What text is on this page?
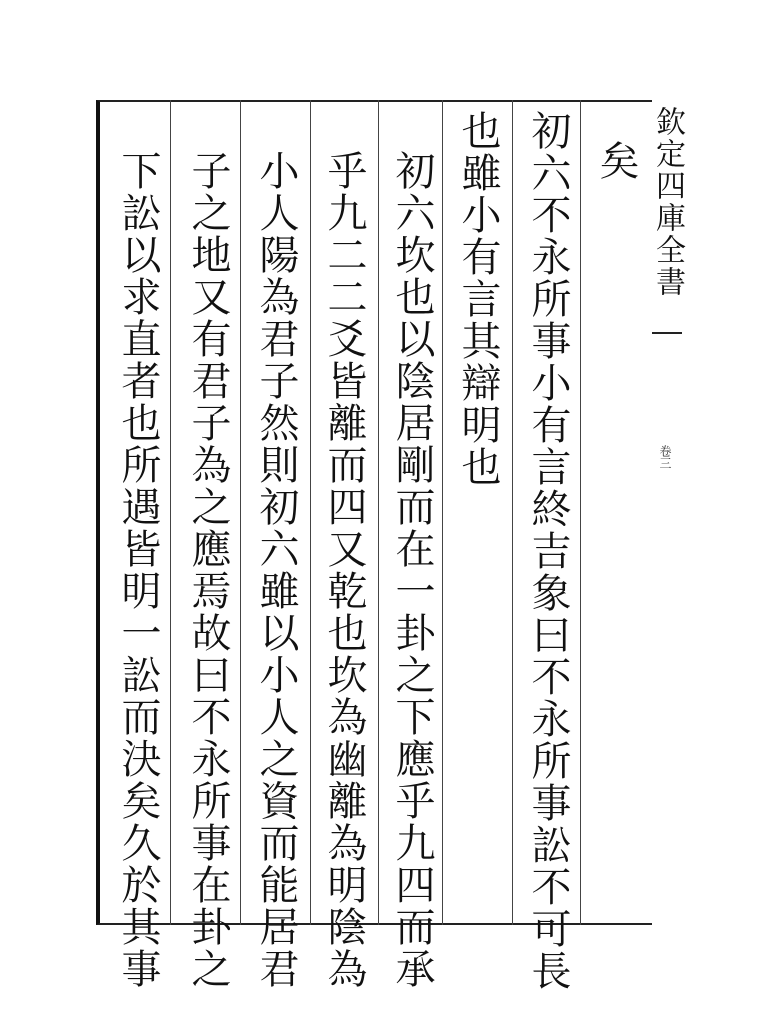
欽定四庫全書
卷三
矣
初六不永所事小有言終吉象曰不永所事訟不可長
也雖小有言其辯明也
初六坎也以陰居剛而在一卦之下應乎九四而承
乎九二二爻皆離而四又乾也坎為幽離為明陰為
小人陽為君子然則初六雖以小人之資而能居君
子之地又有君子為之應焉故曰不永所事在卦之
下訟以求直者也所遇皆明一訟而決矣久於其事
